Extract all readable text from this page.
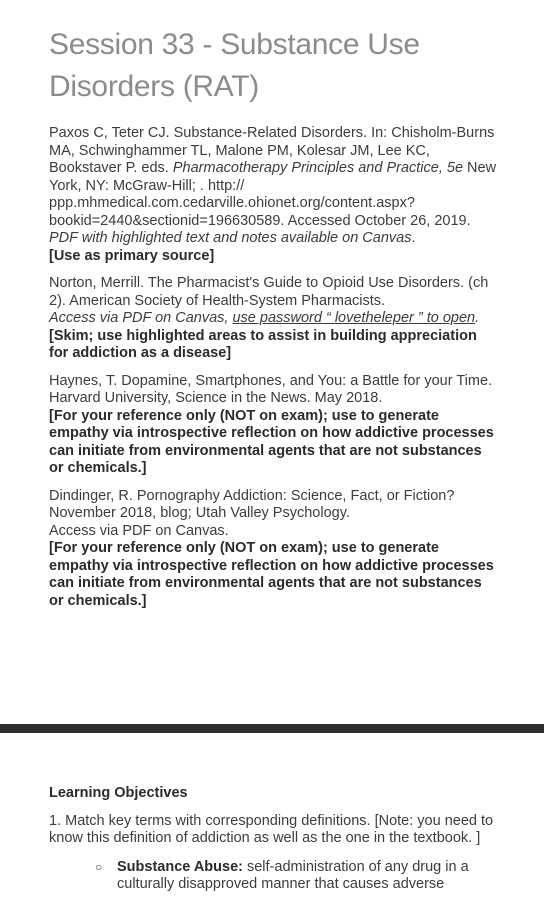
Session 33 - Substance Use Disorders (RAT)

Paxos C, Teter CJ. Substance-Related Disorders. In: Chisholm-Burns MA, Schwinghammer TL, Malone PM, Kolesar JM, Lee KC, Bookstaver P. eds. Pharmacotherapy Principles and Practice, 5e New York, NY: McGraw-Hill; . http:// ppp.mhmedical.com.cedarville.ohionet.org/content.aspx? bookid=2440&sectionid=196630589. Accessed October 26, 2019.

PDF with highlighted text and notes available on Canvas.

[Use as primary source]

Norton, Merrill. The Pharmacist's Guide to Opioid Use Disorders. (ch 2). American Society of Health-System Pharmacists.

Access via PDF on Canvas, use password “ lovetheleper ” to open. [Skim; use highlighted areas to assist in building appreciation for addiction as a disease]

Haynes, T. Dopamine, Smartphones, and You: a Battle for your Time. Harvard University, Science in the News. May 2018.

[For your reference only (NOT on exam); use to generate empathy via introspective reflection on how addictive processes can initiate from environmental agents that are not substances or chemicals.]

Dindinger, R. Pornography Addiction: Science, Fact, or Fiction? November 2018, blog; Utah Valley Psychology.

Access via PDF on Canvas.

[For your reference only (NOT on exam); use to generate empathy via introspective reflection on how addictive processes can initiate from environmental agents that are not substances or chemicals.]

Learning Objectives

1. Match key terms with corresponding definitions. [Note: you need to know this definition of addiction as well as the one in the textbook. ]

○ Substance Abuse: self-administration of any drug in a culturally disapproved manner that causes adverse
